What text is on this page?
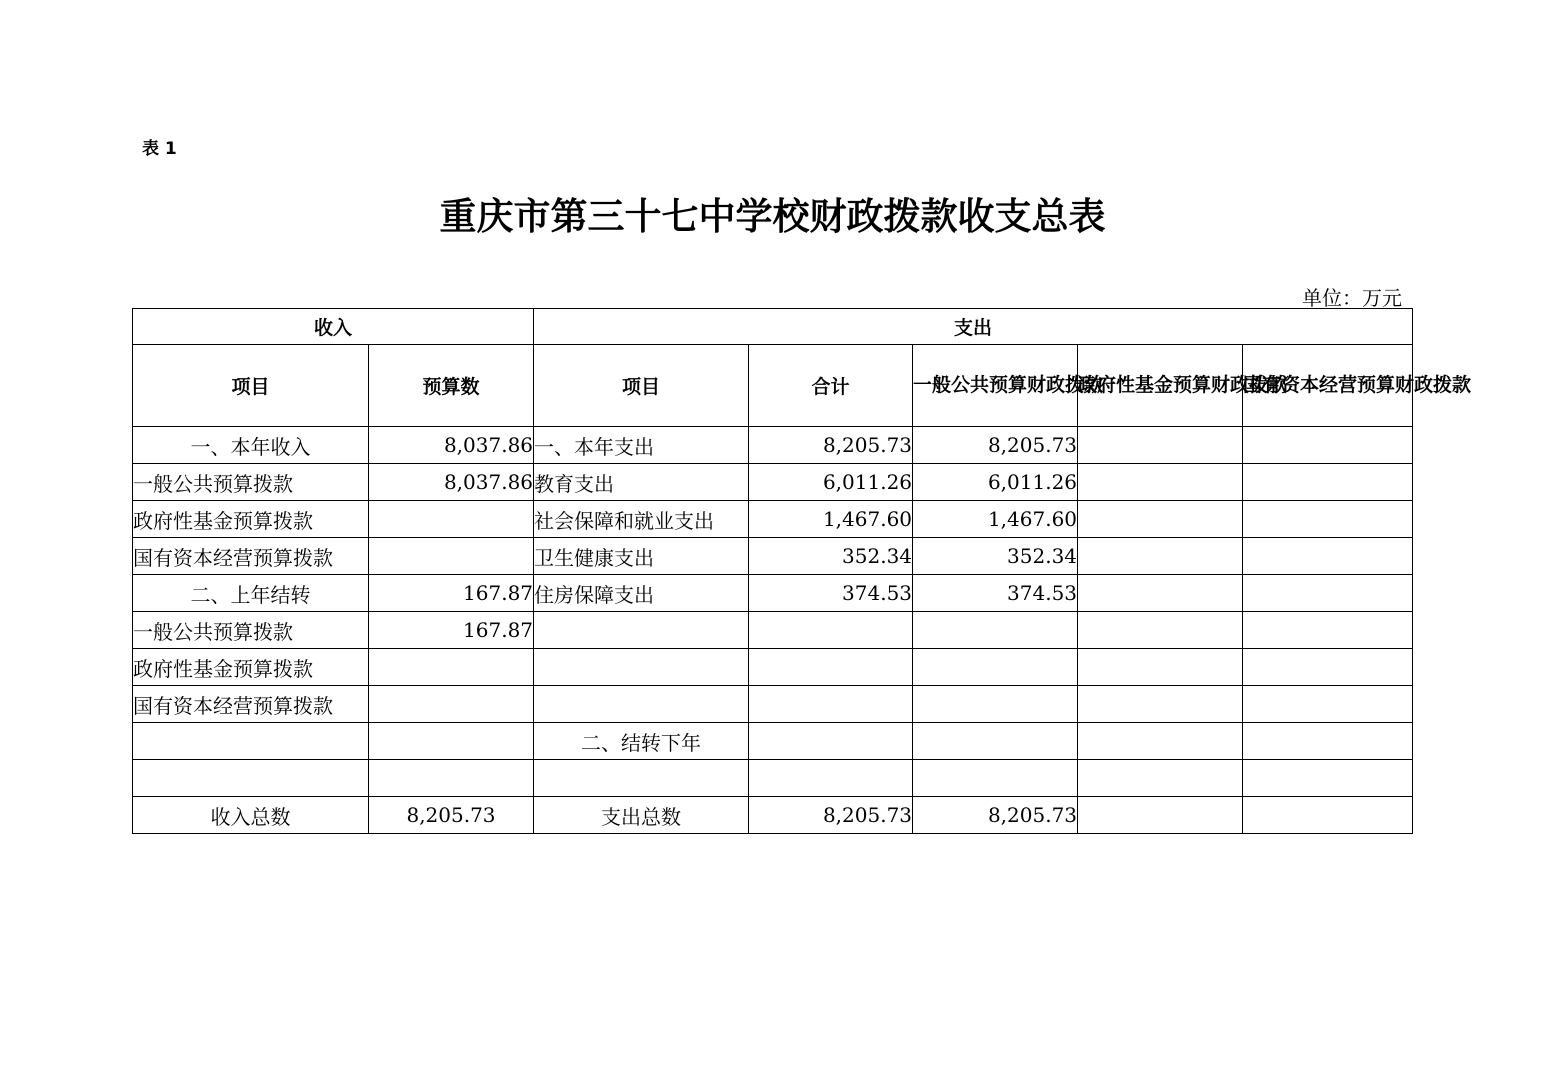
表 1
重庆市第三十七中学校财政拨款收支总表
单位：万元
收入		支出				
项目	预算数	项目	合计	一般公共预算财政拨款	政府性基金预算财政拨款	国有资本经营预算财政拨款
一、本年收入	8,037.86	一、本年支出	8,205.73	8,205.73		
一般公共预算拨款	8,037.86	教育支出	6,011.26	6,011.26		
政府性基金预算拨款		社会保障和就业支出	1,467.60	1,467.60		
国有资本经营预算拨款		卫生健康支出	352.34	352.34		
二、上年结转	167.87	住房保障支出	374.53	374.53		
一般公共预算拨款	167.87					
政府性基金预算拨款						
国有资本经营预算拨款						
		二、结转下年				

收入总数	8,205.73	支出总数	8,205.73	8,205.73		
